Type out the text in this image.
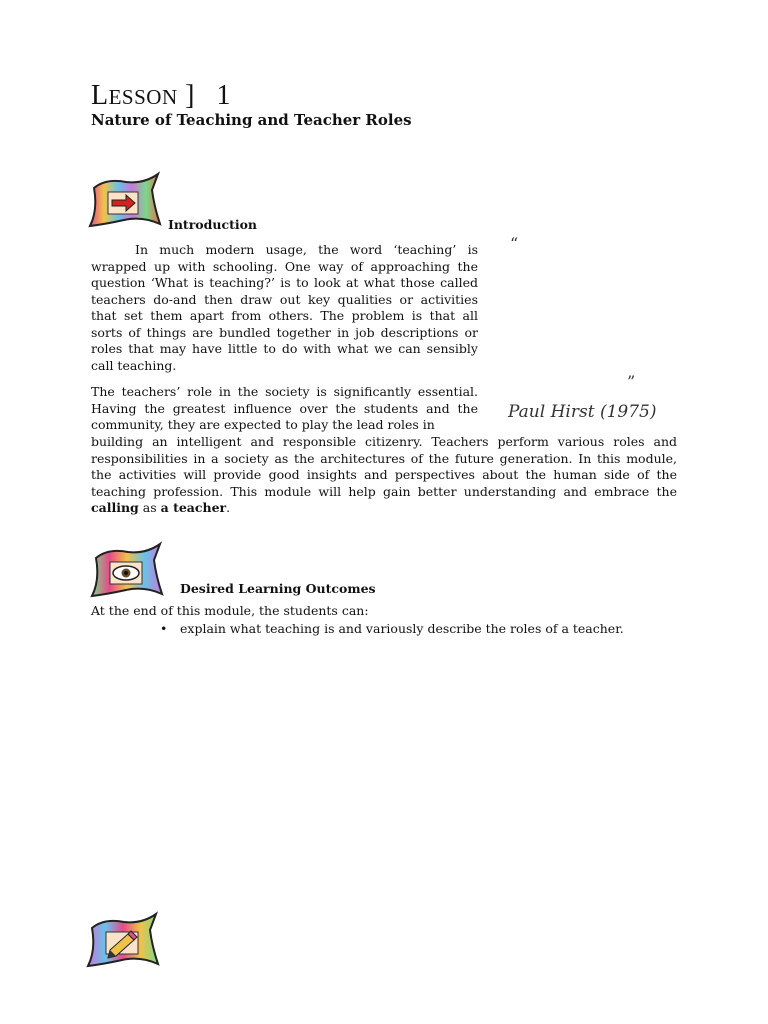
LESSON ] 1
Nature of Teaching and Teacher Roles
Introduction
In much modern usage, the word ‘teaching’ is wrapped up with schooling. One way of approaching the question ‘What is teaching?’ is to look at what those called teachers do-and then draw out key qualities or activities that set them apart from others. The problem is that all sorts of things are bundled together in job descriptions or roles that may have little to do with what we can sensibly call teaching.
“
”
Paul Hirst (1975)
The teachers’ role in the society is significantly essential. Having the greatest influence over the students and the community, they are expected to play the lead roles in
building an intelligent and responsible citizenry. Teachers perform various roles and responsibilities in a society as the architectures of the future generation. In this module, the activities will provide good insights and perspectives about the human side of the teaching profession. This module will help gain better understanding and embrace the calling as a teacher.
Desired Learning Outcomes
At the end of this module, the students can:
• explain what teaching is and variously describe the roles of a teacher.
